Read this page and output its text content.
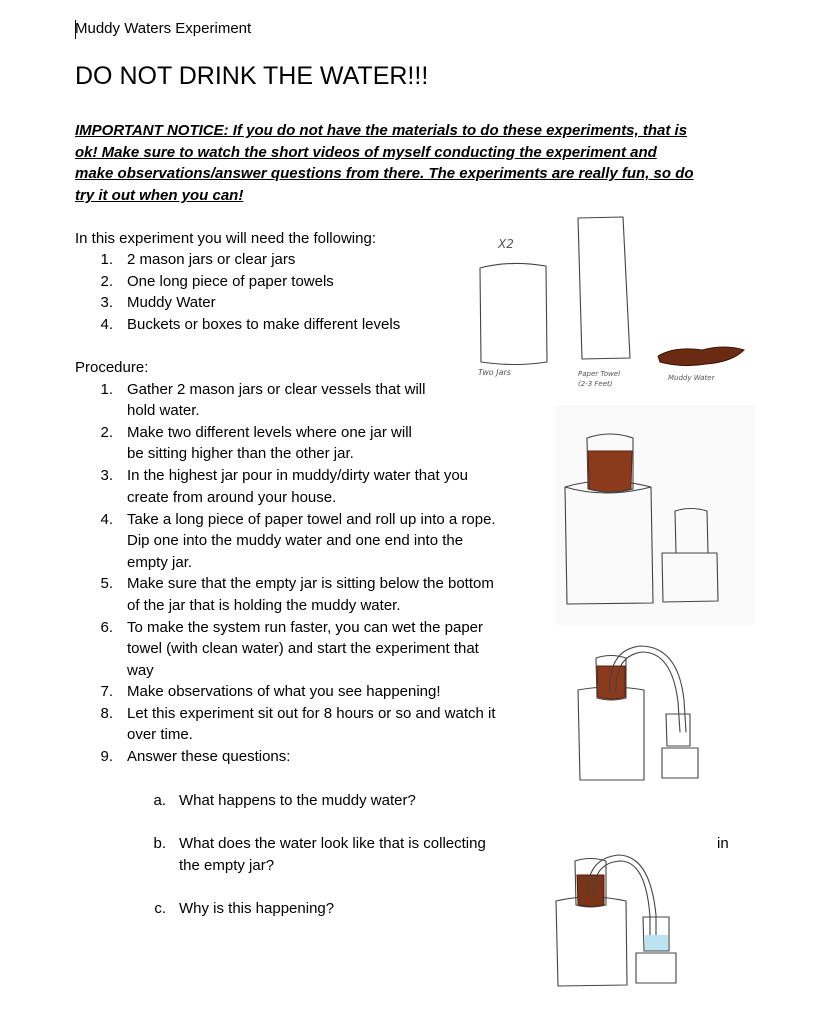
Muddy Waters Experiment
DO NOT DRINK THE WATER!!!
IMPORTANT NOTICE: If you do not have the materials to do these experiments, that is
ok! Make sure to watch the short videos of myself conducting the experiment and
make observations/answer questions from there. The experiments are really fun, so do
try it out when you can!
In this experiment you will need the following:
1. 2 mason jars or clear jars
2. One long piece of paper towels
3. Muddy Water
4. Buckets or boxes to make different levels
Procedure:
1. Gather 2 mason jars or clear vessels that will
hold water.
2. Make two different levels where one jar will
be sitting higher than the other jar.
3. In the highest jar pour in muddy/dirty water that you
create from around your house.
4. Take a long piece of paper towel and roll up into a rope.
Dip one into the muddy water and one end into the
empty jar.
5. Make sure that the empty jar is sitting below the bottom
of the jar that is holding the muddy water.
6. To make the system run faster, you can wet the paper
towel (with clean water) and start the experiment that
way
7. Make observations of what you see happening!
8. Let this experiment sit out for 8 hours or so and watch it
over time.
9. Answer these questions:
a. What happens to the muddy water?
b. What does the water look like that is collecting	in
the empty jar?
c. Why is this happening?
X2
Two Jars	Paper Towel
(2-3 Feet)
Muddy Water
